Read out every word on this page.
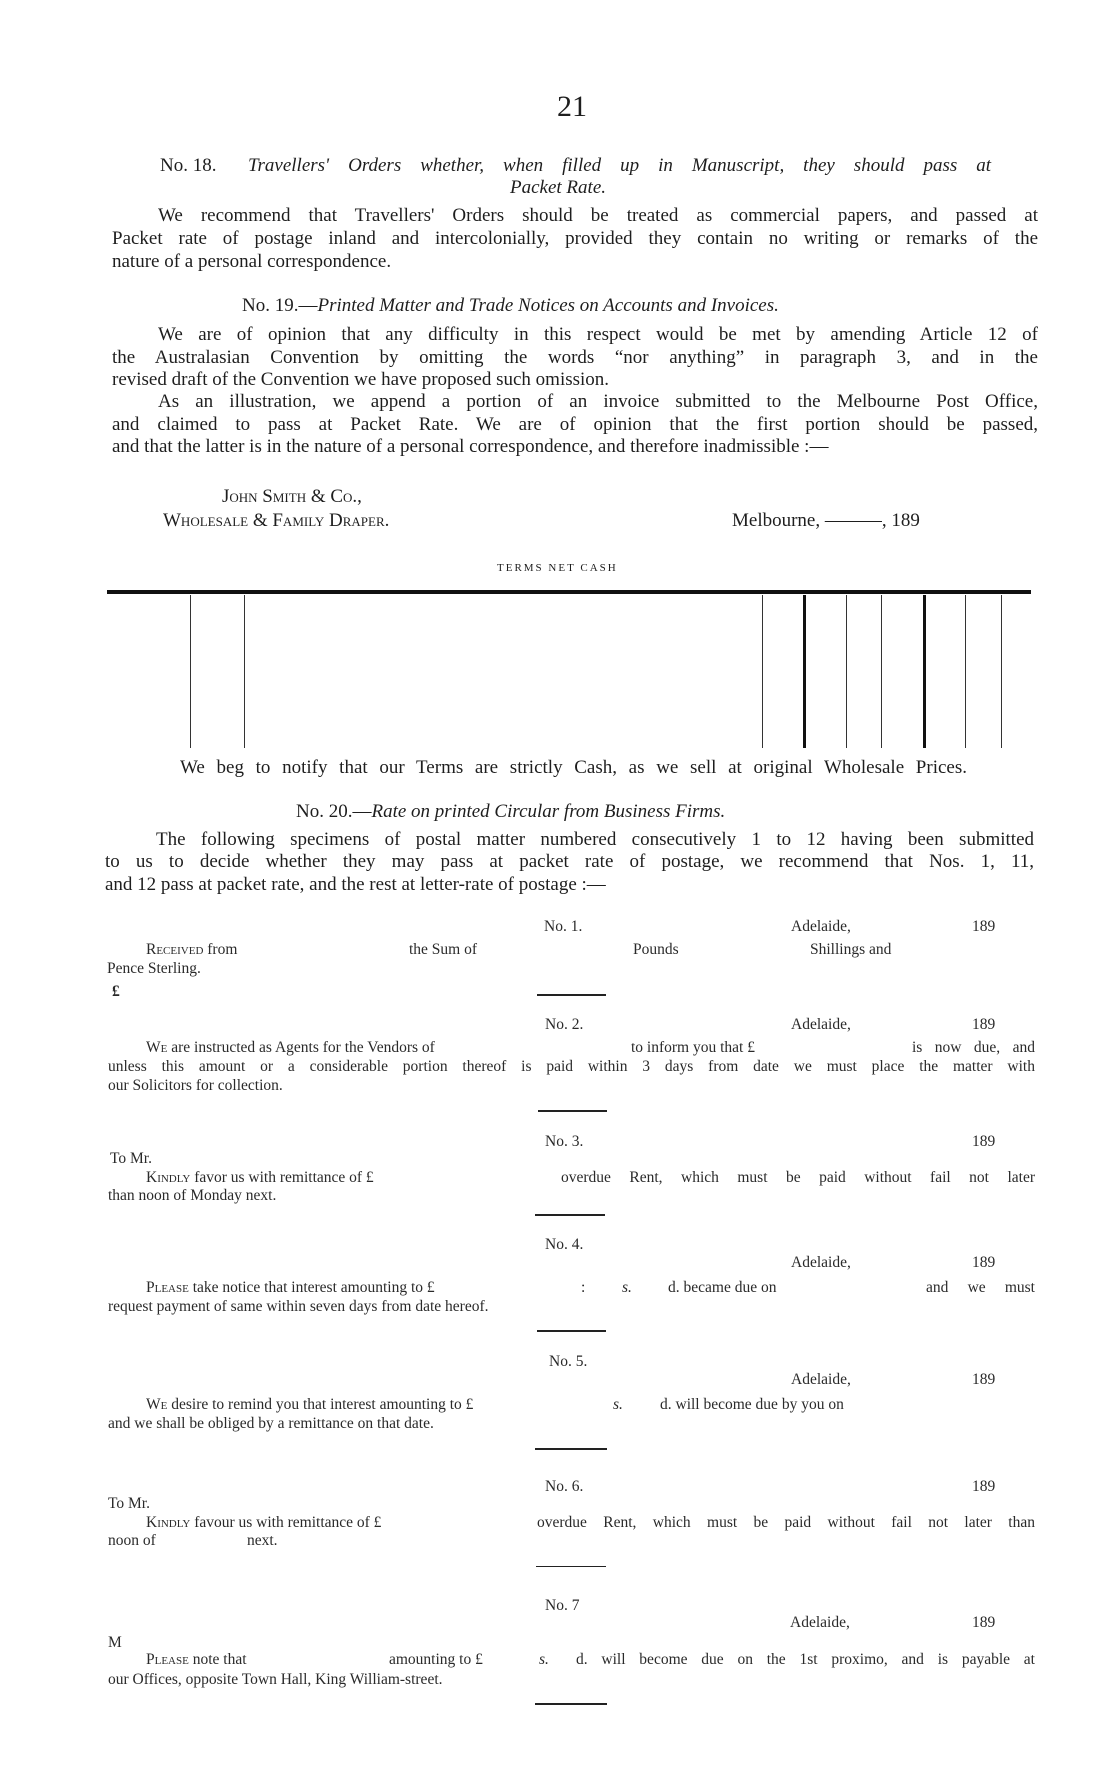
21
No. 18. Travellers' Orders whether, when filled up in Manuscript, they should pass at
Packet Rate.
We recommend that Travellers' Orders should be treated as commercial papers, and passed at
Packet rate of postage inland and intercolonially, provided they contain no writing or remarks of the
nature of a personal correspondence.
No. 19.—Printed Matter and Trade Notices on Accounts and Invoices.
We are of opinion that any difficulty in this respect would be met by amending Article 12 of
the Australasian Convention by omitting the words “nor anything” in paragraph 3, and in the
revised draft of the Convention we have proposed such omission.
As an illustration, we append a portion of an invoice submitted to the Melbourne Post Office,
and claimed to pass at Packet Rate. We are of opinion that the first portion should be passed,
and that the latter is in the nature of a personal correspondence, and therefore inadmissible :—
John Smith & Co.,
Wholesale & Family Draper.	Melbourne, ———, 189
TERMS NET CASH
We beg to notify that our Terms are strictly Cash, as we sell at original Wholesale Prices.
No. 20.—Rate on printed Circular from Business Firms.
The following specimens of postal matter numbered consecutively 1 to 12 having been submitted
to us to decide whether they may pass at packet rate of postage, we recommend that Nos. 1, 11,
and 12 pass at packet rate, and the rest at letter-rate of postage :—
No. 1.	Adelaide,	189
Received from	the Sum of	Pounds	Shillings and
Pence Sterling.
£
No. 2.	Adelaide,	189
We are instructed as Agents for the Vendors of	to inform you that £	is now due, and
unless this amount or a considerable portion thereof is paid within 3 days from date we must place the matter with
our Solicitors for collection.
No. 3.	189
To Mr.
Kindly favor us with remittance of £	overdue Rent, which must be paid without fail not later
than noon of Monday next.
No. 4.
Adelaide,	189
Please take notice that interest amounting to £	: s. d. became due on	and we must
request payment of same within seven days from date hereof.
No. 5.
Adelaide,	189
We desire to remind you that interest amounting to £	s. d. will become due by you on
and we shall be obliged by a remittance on that date.
No. 6.	189
To Mr.
Kindly favour us with remittance of £	overdue Rent, which must be paid without fail not later than
noon of	next.
No. 7
Adelaide,	189
M
Please note that	amounting to £	s. d. will become due on the 1st proximo, and is payable at
our Offices, opposite Town Hall, King William-street.
